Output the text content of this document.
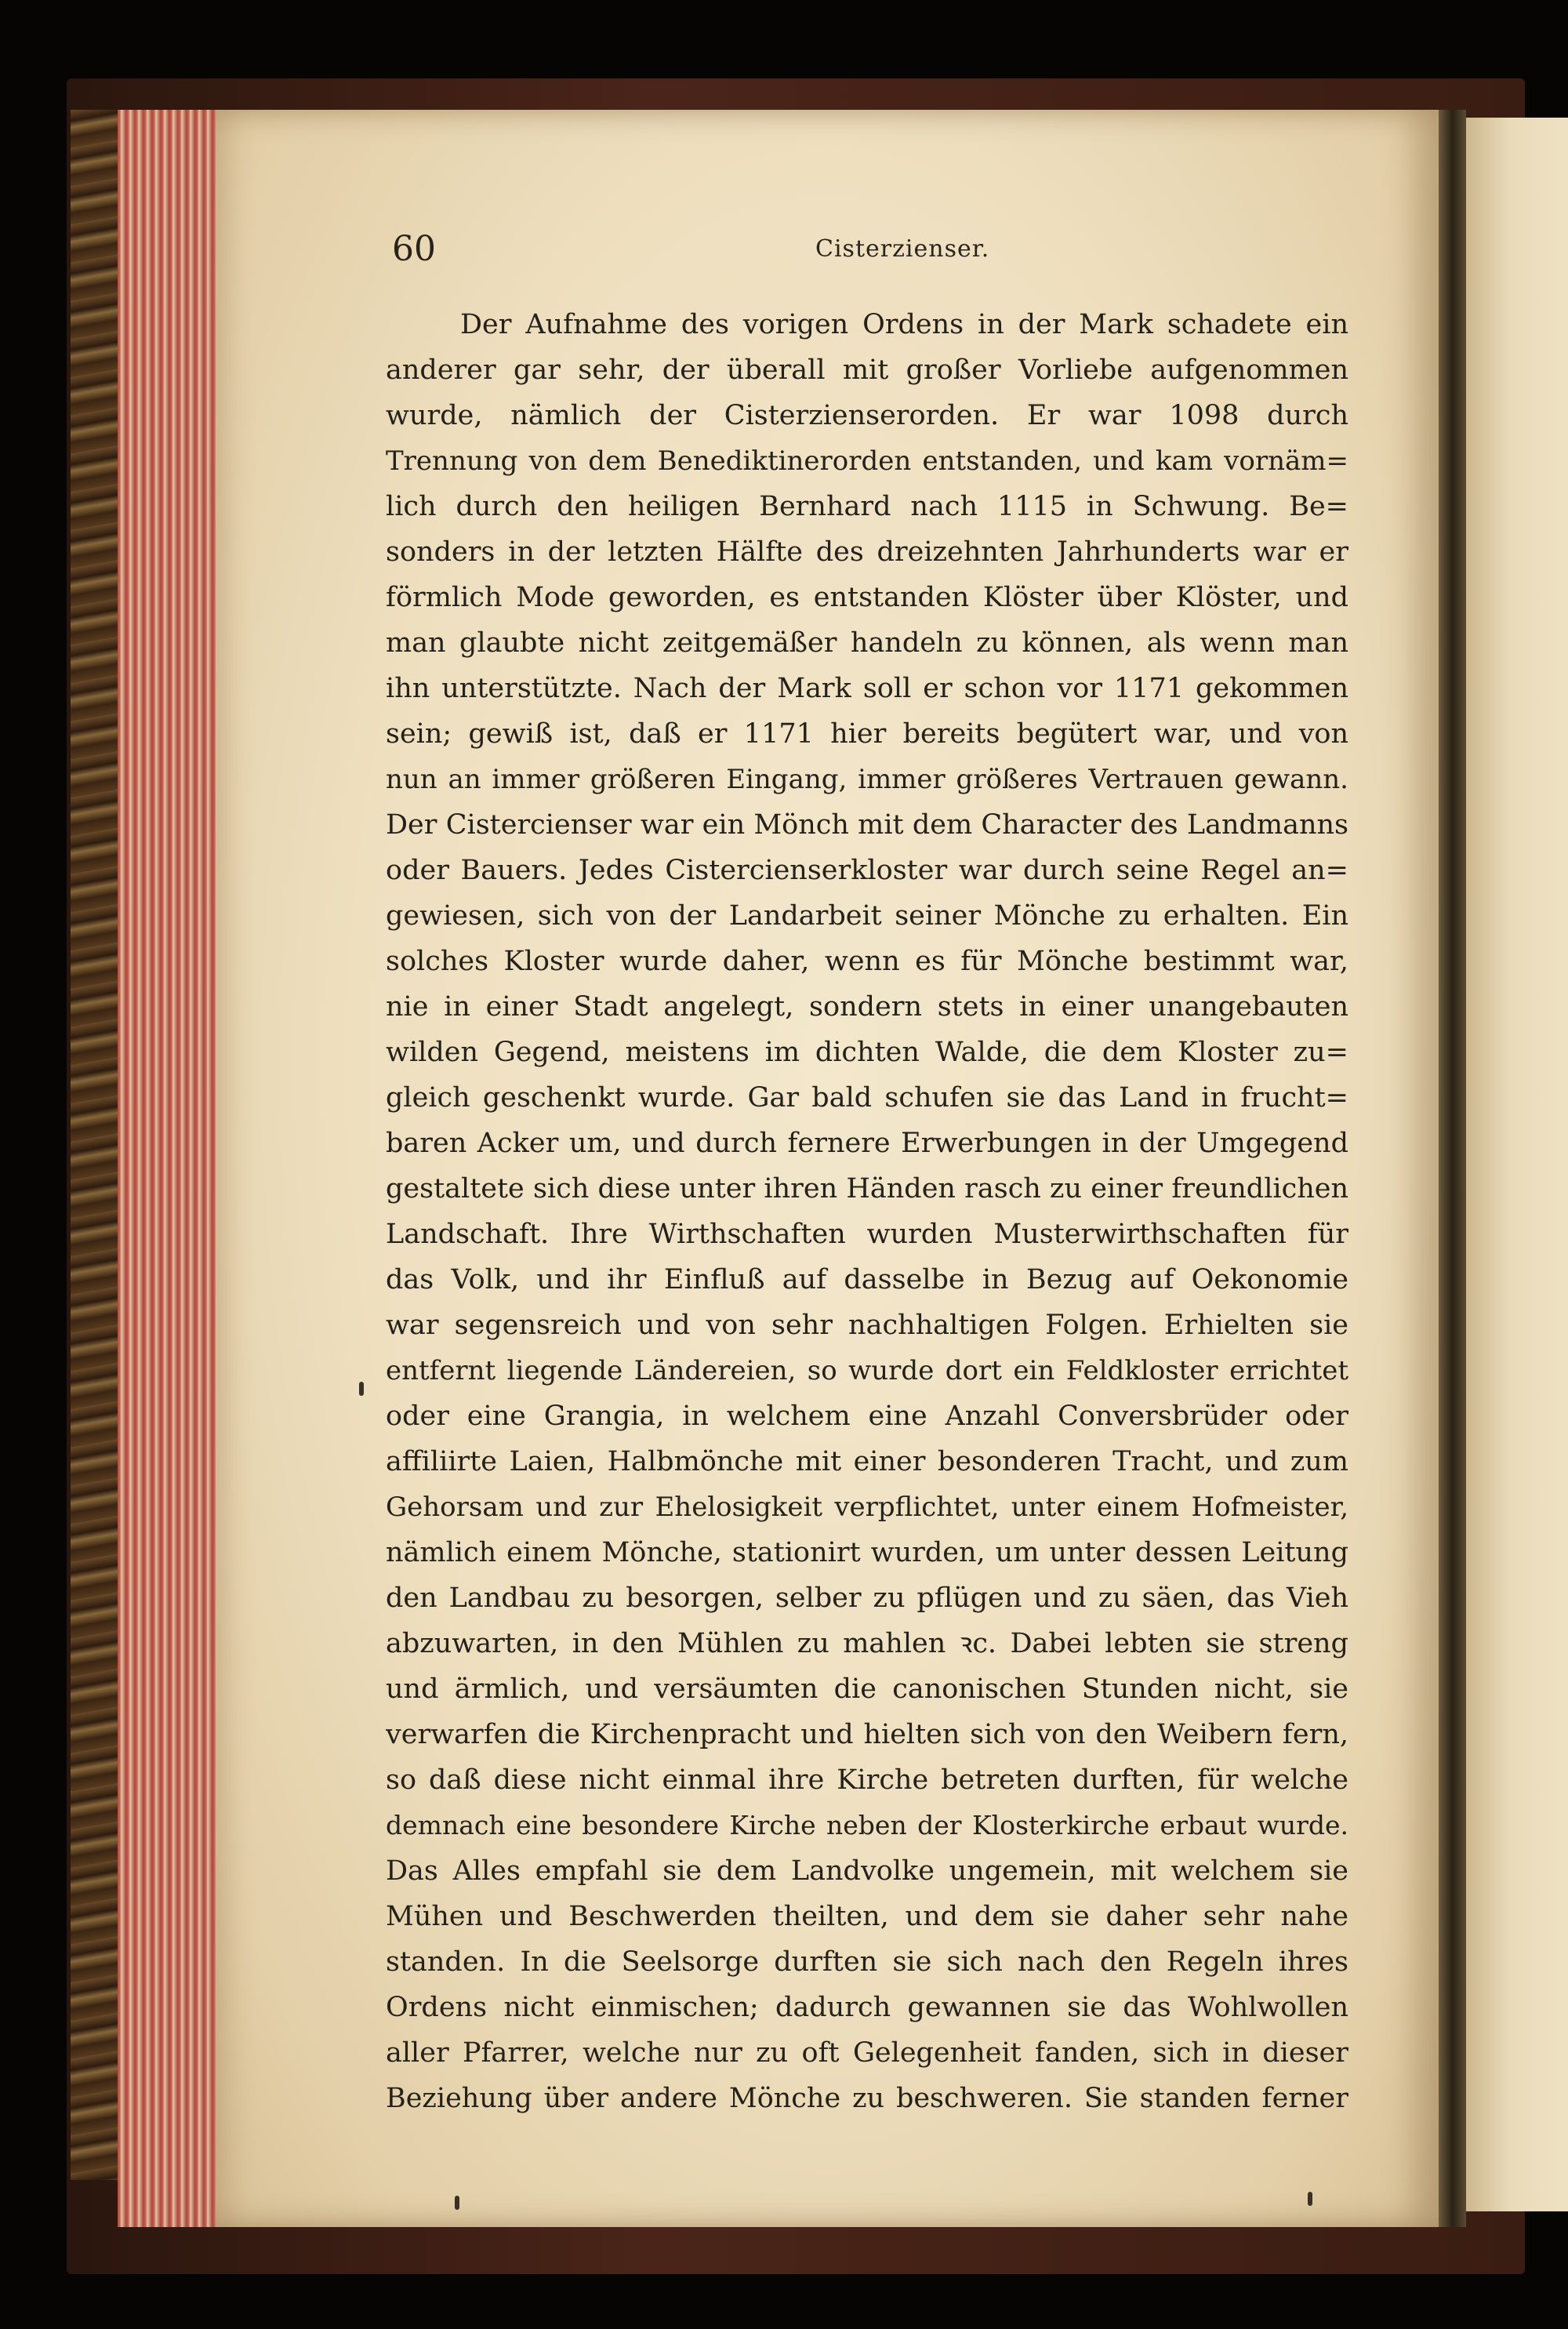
60	Cisterzienser.
Der Aufnahme des vorigen Ordens in der Mark schadete ein
anderer gar sehr, der überall mit großer Vorliebe aufgenommen
wurde, nämlich der Cisterzienserorden. Er war 1098 durch
Trennung von dem Benediktinerorden entstanden, und kam vornäm=
lich durch den heiligen Bernhard nach 1115 in Schwung. Be=
sonders in der letzten Hälfte des dreizehnten Jahrhunderts war er
förmlich Mode geworden, es entstanden Klöster über Klöster, und
man glaubte nicht zeitgemäßer handeln zu können, als wenn man
ihn unterstützte. Nach der Mark soll er schon vor 1171 gekommen
sein; gewiß ist, daß er 1171 hier bereits begütert war, und von
nun an immer größeren Eingang, immer größeres Vertrauen gewann.
Der Cistercienser war ein Mönch mit dem Character des Landmanns
oder Bauers. Jedes Cistercienserkloster war durch seine Regel an=
gewiesen, sich von der Landarbeit seiner Mönche zu erhalten. Ein
solches Kloster wurde daher, wenn es für Mönche bestimmt war,
nie in einer Stadt angelegt, sondern stets in einer unangebauten
wilden Gegend, meistens im dichten Walde, die dem Kloster zu=
gleich geschenkt wurde. Gar bald schufen sie das Land in frucht=
baren Acker um, und durch fernere Erwerbungen in der Umgegend
gestaltete sich diese unter ihren Händen rasch zu einer freundlichen
Landschaft. Ihre Wirthschaften wurden Musterwirthschaften für
das Volk, und ihr Einfluß auf dasselbe in Bezug auf Oekonomie
war segensreich und von sehr nachhaltigen Folgen. Erhielten sie
entfernt liegende Ländereien, so wurde dort ein Feldkloster errichtet
oder eine Grangia, in welchem eine Anzahl Conversbrüder oder
affiliirte Laien, Halbmönche mit einer besonderen Tracht, und zum
Gehorsam und zur Ehelosigkeit verpflichtet, unter einem Hofmeister,
nämlich einem Mönche, stationirt wurden, um unter dessen Leitung
den Landbau zu besorgen, selber zu pflügen und zu säen, das Vieh
abzuwarten, in den Mühlen zu mahlen ꝛc. Dabei lebten sie streng
und ärmlich, und versäumten die canonischen Stunden nicht, sie
verwarfen die Kirchenpracht und hielten sich von den Weibern fern,
so daß diese nicht einmal ihre Kirche betreten durften, für welche
demnach eine besondere Kirche neben der Klosterkirche erbaut wurde.
Das Alles empfahl sie dem Landvolke ungemein, mit welchem sie
Mühen und Beschwerden theilten, und dem sie daher sehr nahe
standen. In die Seelsorge durften sie sich nach den Regeln ihres
Ordens nicht einmischen; dadurch gewannen sie das Wohlwollen
aller Pfarrer, welche nur zu oft Gelegenheit fanden, sich in dieser
Beziehung über andere Mönche zu beschweren. Sie standen ferner
